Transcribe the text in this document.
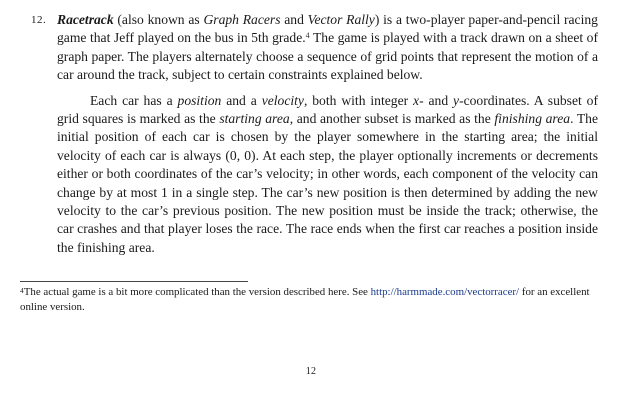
12. Racetrack (also known as Graph Racers and Vector Rally) is a two-player paper-and-pencil racing game that Jeff played on the bus in 5th grade.$^4$ The game is played with a track drawn on a sheet of graph paper. The players alternately choose a sequence of grid points that represent the motion of a car around the track, subject to certain constraints explained below.

Each car has a position and a velocity, both with integer x- and y-coordinates. A subset of grid squares is marked as the starting area, and another subset is marked as the finishing area. The initial position of each car is chosen by the player somewhere in the starting area; the initial velocity of each car is always (0, 0). At each step, the player optionally increments or decrements either or both coordinates of the car’s velocity; in other words, each component of the velocity can change by at most 1 in a single step. The car’s new position is then determined by adding the new velocity to the car’s previous position. The new position must be inside the track; otherwise, the car crashes and that player loses the race. The race ends when the first car reaches a position inside the finishing area.

$^4$The actual game is a bit more complicated than the version described here. See http://harmmade.com/vectorracer/ for an excellent online version.
12
